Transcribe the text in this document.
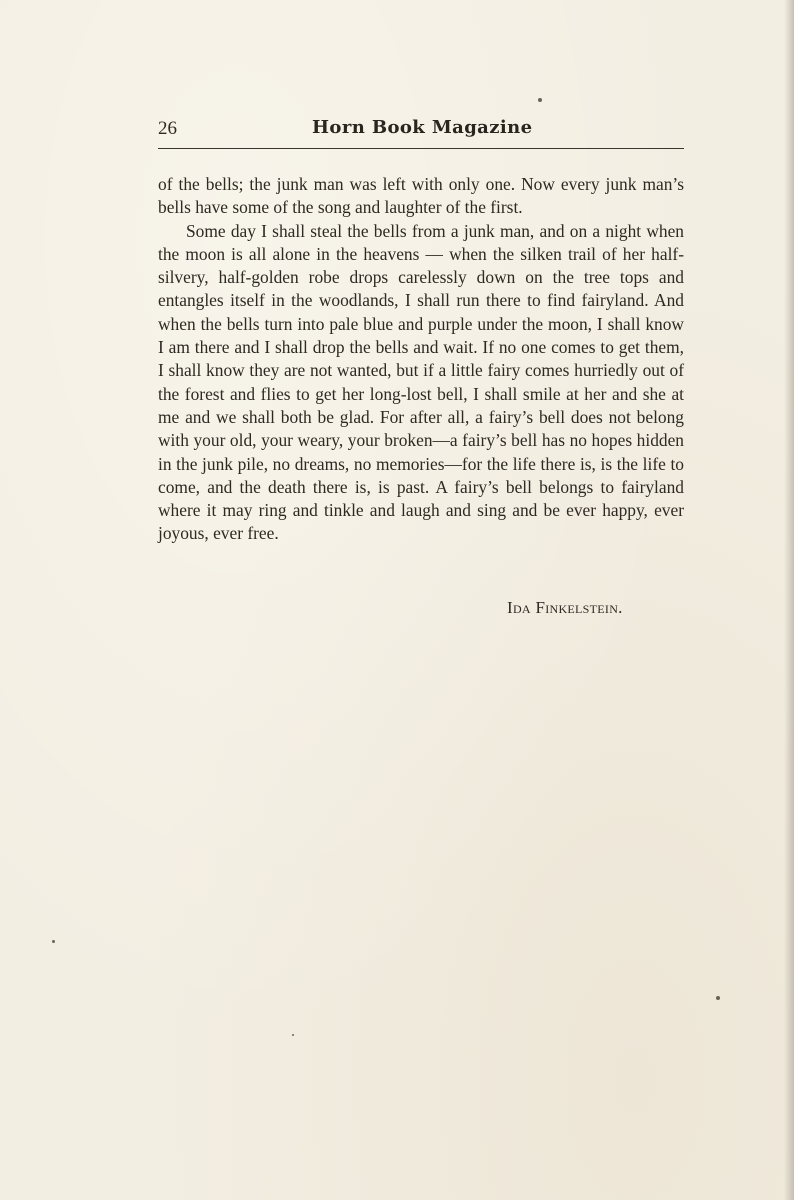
26	Horn Book Magazine

of the bells; the junk man was left with only one. Now every junk man’s bells have some of the song and laughter of the first.

Some day I shall steal the bells from a junk man, and on a night when the moon is all alone in the heavens — when the silken trail of her half-silvery, half-golden robe drops carelessly down on the tree tops and entangles itself in the woodlands, I shall run there to find fairyland. And when the bells turn into pale blue and purple under the moon, I shall know I am there and I shall drop the bells and wait. If no one comes to get them, I shall know they are not wanted, but if a little fairy comes hurriedly out of the forest and flies to get her long-lost bell, I shall smile at her and she at me and we shall both be glad. For after all, a fairy’s bell does not belong with your old, your weary, your broken—a fairy’s bell has no hopes hidden in the junk pile, no dreams, no memories—for the life there is, is the life to come, and the death there is, is past. A fairy’s bell belongs to fairyland where it may ring and tinkle and laugh and sing and be ever happy, ever joyous, ever free.

Ida Finkelstein.
